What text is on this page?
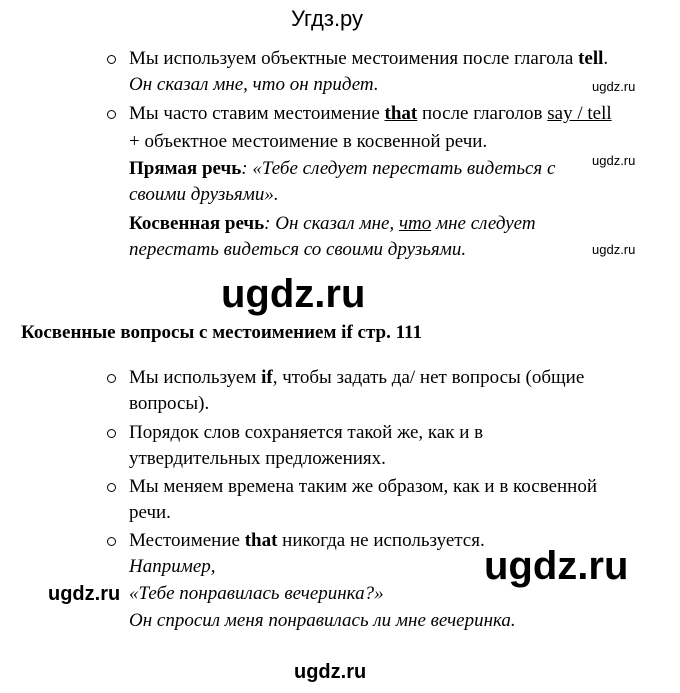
Угдз.ру
Мы используем объектные местоимения после глагола tell.
Он сказал мне, что он придет.	ugdz.ru
Мы часто ставим местоимение that после глаголов say / tell
+ объектное местоимение в косвенной речи.
Прямая речь: «Тебе следует перестать видеться с	ugdz.ru
своими друзьями».
Косвенная речь: Он сказал мне, что мне следует
перестать видеться со своими друзьями.	ugdz.ru
ugdz.ru
Косвенные вопросы с местоимением if стр. 111
Мы используем if, чтобы задать да/ нет вопросы (общие
вопросы).
Порядок слов сохраняется такой же, как и в
утвердительных предложениях.
Мы меняем времена таким же образом, как и в косвенной
речи.
Местоимение that никогда не используется.
ugdz.ru
Например,
ugdz.ru «Тебе понравилась вечеринка?»
Он спросил меня понравилась ли мне вечеринка.
ugdz.ru
